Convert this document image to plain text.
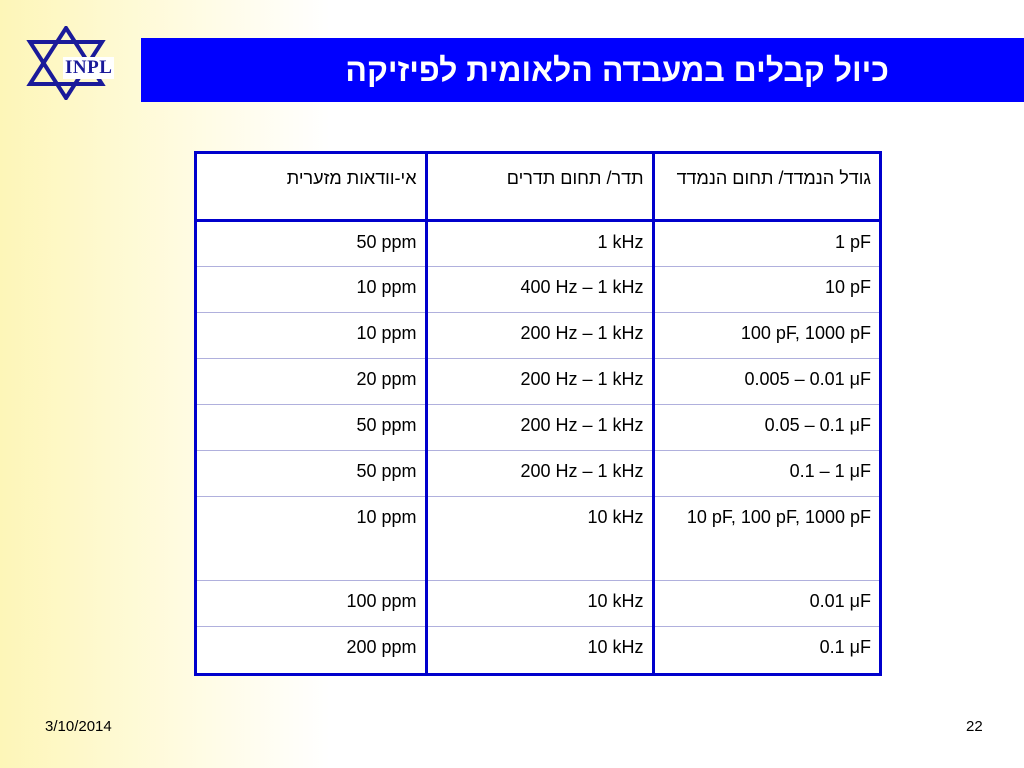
INPL	כיול קבלים במעבדה הלאומית לפיזיקה
אי-וודאות מזערית	תדר/ תחום תדרים	גודל הנמדד/ תחום הנמדד
50 ppm	1 kHz	1 pF
10 ppm	400 Hz – 1 kHz	10 pF
10 ppm	200 Hz – 1 kHz	100 pF, 1000 pF
20 ppm	200 Hz – 1 kHz	0.005 – 0.01 μF
50 ppm	200 Hz – 1 kHz	0.05 – 0.1 μF
50 ppm	200 Hz – 1 kHz	0.1 – 1 μF
10 ppm	10 kHz	10 pF, 100 pF, 1000 pF
100 ppm	10 kHz	0.01 μF
200 ppm	10 kHz	0.1 μF
3/10/2014	22
